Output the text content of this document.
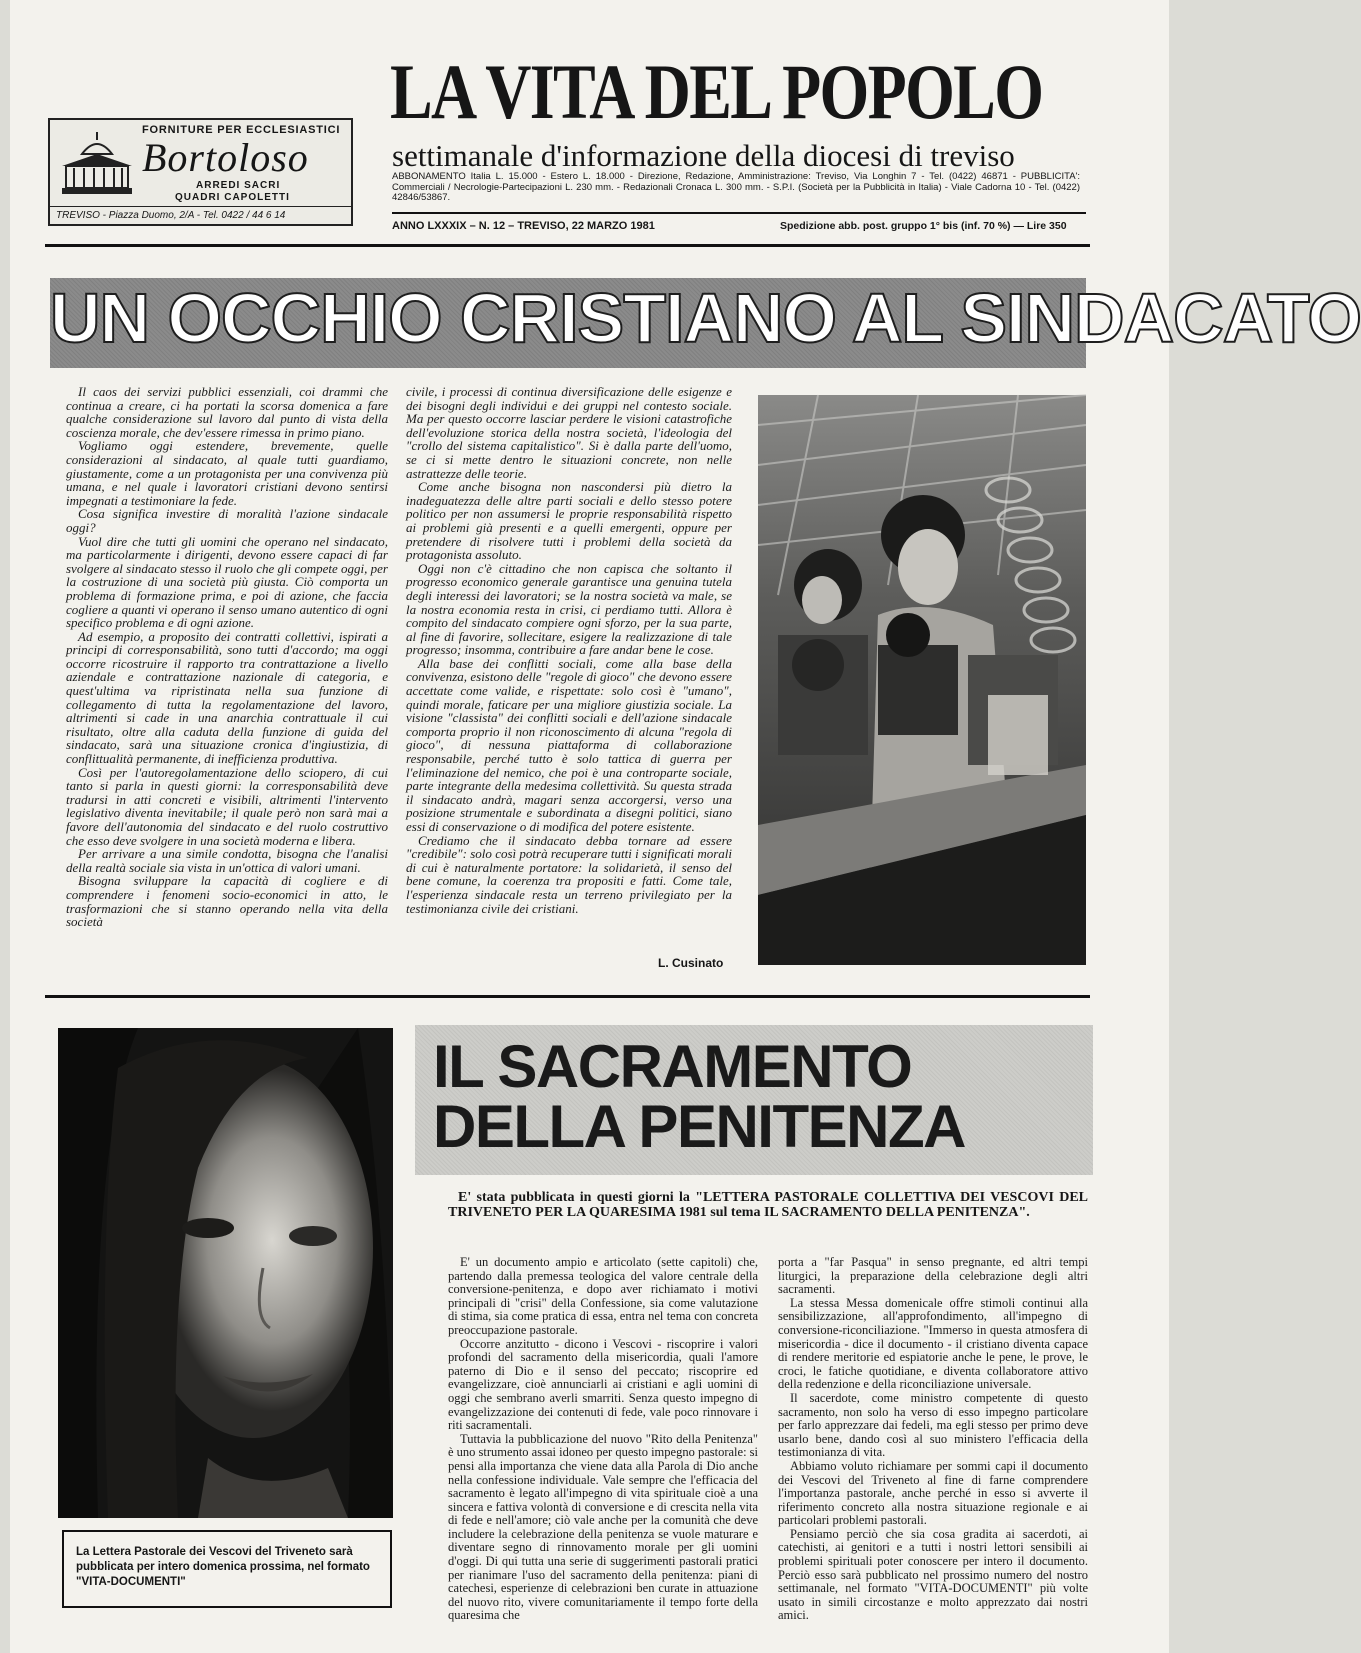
FORNITURE PER ECCLESIASTICI
Bortoloso
ARREDI SACRI
QUADRI CAPOLETTI
TREVISO - Piazza Duomo, 2/A - Tel. 0422 / 44 6 14
LA VITA DEL POPOLO
settimanale d'informazione della diocesi di treviso
ABBONAMENTO Italia L. 15.000 - Estero L. 18.000 - Direzione, Redazione, Amministrazione: Treviso, Via Longhin 7 - Tel. (0422) 46871 - PUBBLICITA': Commerciali / Necrologie-Partecipazioni L. 230 mm. - Redazionali Cronaca L. 300 mm. - S.P.I. (Società per la Pubblicità in Italia) - Viale Cadorna 10 - Tel. (0422) 42846/53867.
ANNO LXXXIX – N. 12 – TREVISO, 22 MARZO 1981	Spedizione abb. post. gruppo 1° bis (inf. 70 %) — Lire 350
UN OCCHIO CRISTIANO AL SINDACATO

Il caos dei servizi pubblici essenziali, coi drammi che continua a creare, ci ha portati la scorsa domenica a fare qualche considerazione sul lavoro dal punto di vista della coscienza morale, che dev'essere rimessa in primo piano.

Vogliamo oggi estendere, brevemente, quelle considerazioni al sindacato, al quale tutti guardiamo, giustamente, come a un protagonista per una convivenza più umana, e nel quale i lavoratori cristiani devono sentirsi impegnati a testimoniare la fede.

Cosa significa investire di moralità l'azione sindacale oggi?

Vuol dire che tutti gli uomini che operano nel sindacato, ma particolarmente i dirigenti, devono essere capaci di far svolgere al sindacato stesso il ruolo che gli compete oggi, per la costruzione di una società più giusta. Ciò comporta un problema di formazione prima, e poi di azione, che faccia cogliere a quanti vi operano il senso umano autentico di ogni specifico problema e di ogni azione.

Ad esempio, a proposito dei contratti collettivi, ispirati a principi di corresponsabilità, sono tutti d'accordo; ma oggi occorre ricostruire il rapporto tra contrattazione a livello aziendale e contrattazione nazionale di categoria, e quest'ultima va ripristinata nella sua funzione di collegamento di tutta la regolamentazione del lavoro, altrimenti si cade in una anarchia contrattuale il cui risultato, oltre alla caduta della funzione di guida del sindacato, sarà una situazione cronica d'ingiustizia, di conflittualità permanente, di inefficienza produttiva.

Così per l'autoregolamentazione dello sciopero, di cui tanto si parla in questi giorni: la corresponsabilità deve tradursi in atti concreti e visibili, altrimenti l'intervento legislativo diventa inevitabile; il quale però non sarà mai a favore dell'autonomia del sindacato e del ruolo costruttivo che esso deve svolgere in una società moderna e libera.

Per arrivare a una simile condotta, bisogna che l'analisi della realtà sociale sia vista in un'ottica di valori umani.

Bisogna sviluppare la capacità di cogliere e di comprendere i fenomeni socio-economici in atto, le trasformazioni che si stanno operando nella vita della società

civile, i processi di continua diversificazione delle esigenze e dei bisogni degli individui e dei gruppi nel contesto sociale. Ma per questo occorre lasciar perdere le visioni catastrofiche dell'evoluzione storica della nostra società, l'ideologia del "crollo del sistema capitalistico". Si è dalla parte dell'uomo, se ci si mette dentro le situazioni concrete, non nelle astrattezze delle teorie.

Come anche bisogna non nascondersi più dietro la inadeguatezza delle altre parti sociali e dello stesso potere politico per non assumersi le proprie responsabilità rispetto ai problemi già presenti e a quelli emergenti, oppure per pretendere di risolvere tutti i problemi della società da protagonista assoluto.

Oggi non c'è cittadino che non capisca che soltanto il progresso economico generale garantisce una genuina tutela degli interessi dei lavoratori; se la nostra società va male, se la nostra economia resta in crisi, ci perdiamo tutti. Allora è compito del sindacato compiere ogni sforzo, per la sua parte, al fine di favorire, sollecitare, esigere la realizzazione di tale progresso; insomma, contribuire a fare andar bene le cose.

Alla base dei conflitti sociali, come alla base della convivenza, esistono delle "regole di gioco" che devono essere accettate come valide, e rispettate: solo così è "umano", quindi morale, faticare per una migliore giustizia sociale. La visione "classista" dei conflitti sociali e dell'azione sindacale comporta proprio il non riconoscimento di alcuna "regola di gioco", di nessuna piattaforma di collaborazione responsabile, perché tutto è solo tattica di guerra per l'eliminazione del nemico, che poi è una controparte sociale, parte integrante della medesima collettività. Su questa strada il sindacato andrà, magari senza accorgersi, verso una posizione strumentale e subordinata a disegni politici, siano essi di conservazione o di modifica del potere esistente.

Crediamo che il sindacato debba tornare ad essere "credibile": solo così potrà recuperare tutti i significati morali di cui è naturalmente portatore: la solidarietà, il senso del bene comune, la coerenza tra propositi e fatti. Come tale, l'esperienza sindacale resta un terreno privilegiato per la testimonianza civile dei cristiani.

L. Cusinato
La Lettera Pastorale dei Vescovi del Triveneto sarà pubblicata per intero domenica prossima, nel formato "VITA-DOCUMENTI"
IL SACRAMENTO
DELLA PENITENZA
E' stata pubblicata in questi giorni la "LETTERA PASTORALE COLLETTIVA DEI VESCOVI DEL TRIVENETO PER LA QUARESIMA 1981 sul tema IL SACRAMENTO DELLA PENITENZA".

E' un documento ampio e articolato (sette capitoli) che, partendo dalla premessa teologica del valore centrale della conversione-penitenza, e dopo aver richiamato i motivi principali di "crisi" della Confessione, sia come valutazione di stima, sia come pratica di essa, entra nel tema con concreta preoccupazione pastorale.

Occorre anzitutto - dicono i Vescovi - riscoprire i valori profondi del sacramento della misericordia, quali l'amore paterno di Dio e il senso del peccato; riscoprire ed evangelizzare, cioè annunciarli ai cristiani e agli uomini di oggi che sembrano averli smarriti. Senza questo impegno di evangelizzazione dei contenuti di fede, vale poco rinnovare i riti sacramentali.

Tuttavia la pubblicazione del nuovo "Rito della Penitenza" è uno strumento assai idoneo per questo impegno pastorale: si pensi alla importanza che viene data alla Parola di Dio anche nella confessione individuale. Vale sempre che l'efficacia del sacramento è legato all'impegno di vita spirituale cioè a una sincera e fattiva volontà di conversione e di crescita nella vita di fede e nell'amore; ciò vale anche per la comunità che deve includere la celebrazione della penitenza se vuole maturare e diventare segno di rinnovamento morale per gli uomini d'oggi. Di qui tutta una serie di suggerimenti pastorali pratici per rianimare l'uso del sacramento della penitenza: piani di catechesi, esperienze di celebrazioni ben curate in attuazione del nuovo rito, vivere comunitariamente il tempo forte della quaresima che

porta a "far Pasqua" in senso pregnante, ed altri tempi liturgici, la preparazione della celebrazione degli altri sacramenti.

La stessa Messa domenicale offre stimoli continui alla sensibilizzazione, all'approfondimento, all'impegno di conversione-riconciliazione. "Immerso in questa atmosfera di misericordia - dice il documento - il cristiano diventa capace di rendere meritorie ed espiatorie anche le pene, le prove, le croci, le fatiche quotidiane, e diventa collaboratore attivo della redenzione e della riconciliazione universale.

Il sacerdote, come ministro competente di questo sacramento, non solo ha verso di esso impegno particolare per farlo apprezzare dai fedeli, ma egli stesso per primo deve usarlo bene, dando così al suo ministero l'efficacia della testimonianza di vita.

Abbiamo voluto richiamare per sommi capi il documento dei Vescovi del Triveneto al fine di farne comprendere l'importanza pastorale, anche perché in esso si avverte il riferimento concreto alla nostra situazione regionale e ai particolari problemi pastorali.

Pensiamo perciò che sia cosa gradita ai sacerdoti, ai catechisti, ai genitori e a tutti i nostri lettori sensibili ai problemi spirituali poter conoscere per intero il documento. Perciò esso sarà pubblicato nel prossimo numero del nostro settimanale, nel formato "VITA-DOCUMENTI" più volte usato in simili circostanze e molto apprezzato dai nostri amici.
